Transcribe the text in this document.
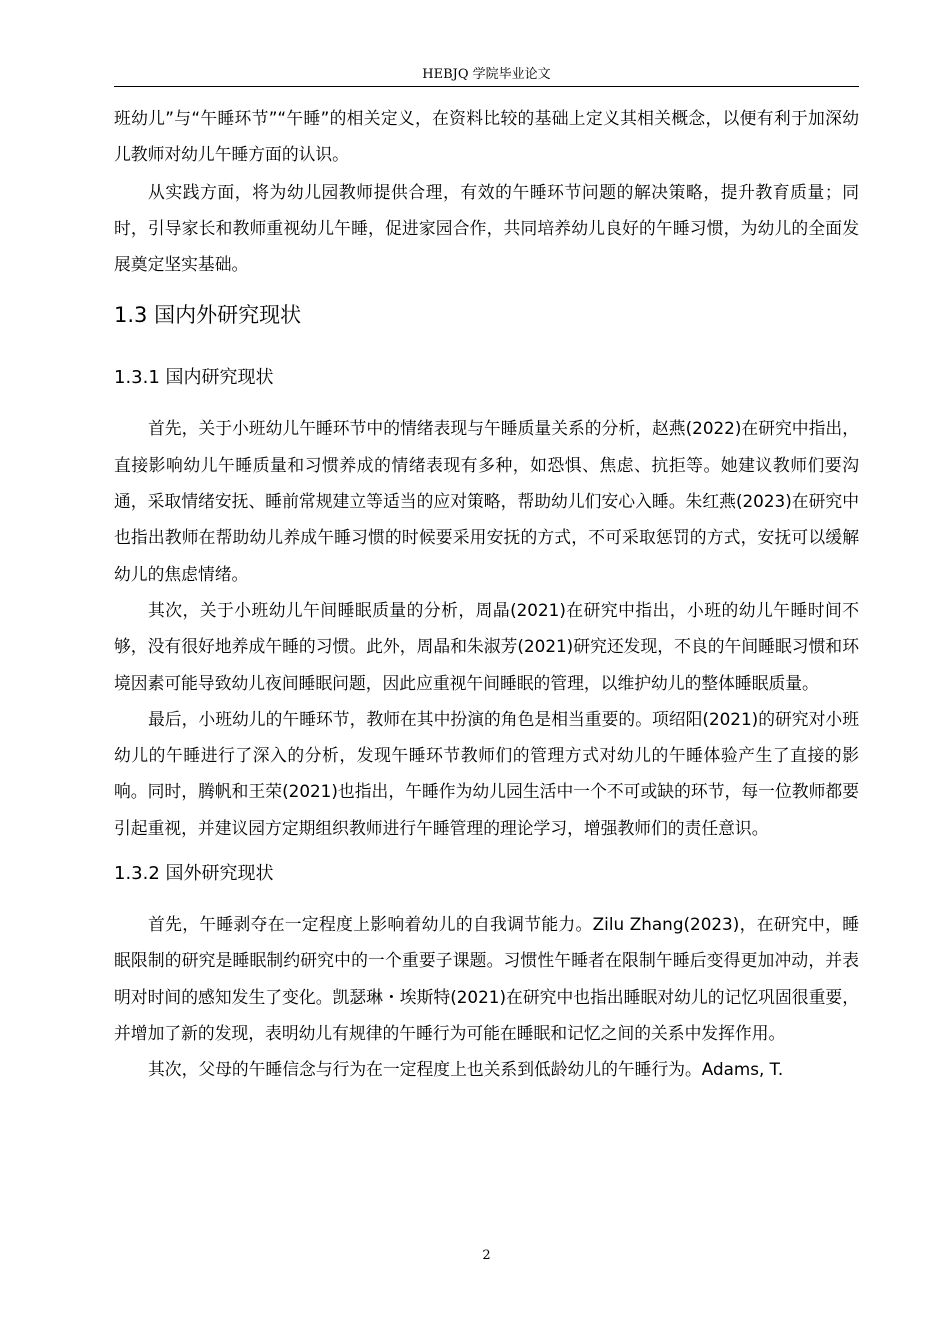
HEBJQ 学院毕业论文

班幼儿”与“午睡环节”“午睡”的相关定义，在资料比较的基础上定义其相关概念，以便有利于加深幼儿教师对幼儿午睡方面的认识。

从实践方面，将为幼儿园教师提供合理，有效的午睡环节问题的解决策略，提升教育质量；同时，引导家长和教师重视幼儿午睡，促进家园合作，共同培养幼儿良好的午睡习惯，为幼儿的全面发展奠定坚实基础。

1.3 国内外研究现状
1.3.1 国内研究现状

首先，关于小班幼儿午睡环节中的情绪表现与午睡质量关系的分析，赵燕(2022)在研究中指出，直接影响幼儿午睡质量和习惯养成的情绪表现有多种，如恐惧、焦虑、抗拒等。她建议教师们要沟通，采取情绪安抚、睡前常规建立等适当的应对策略，帮助幼儿们安心入睡。朱红燕(2023)在研究中也指出教师在帮助幼儿养成午睡习惯的时候要采用安抚的方式，不可采取惩罚的方式，安抚可以缓解幼儿的焦虑情绪。

其次，关于小班幼儿午间睡眠质量的分析，周晶(2021)在研究中指出，小班的幼儿午睡时间不够，没有很好地养成午睡的习惯。此外，周晶和朱淑芳(2021)研究还发现，不良的午间睡眠习惯和环境因素可能导致幼儿夜间睡眠问题，因此应重视午间睡眠的管理，以维护幼儿的整体睡眠质量。

最后，小班幼儿的午睡环节，教师在其中扮演的角色是相当重要的。项绍阳(2021)的研究对小班幼儿的午睡进行了深入的分析，发现午睡环节教师们的管理方式对幼儿的午睡体验产生了直接的影响。同时，腾帆和王荣(2021)也指出，午睡作为幼儿园生活中一个不可或缺的环节，每一位教师都要引起重视，并建议园方定期组织教师进行午睡管理的理论学习，增强教师们的责任意识。

1.3.2 国外研究现状

首先，午睡剥夺在一定程度上影响着幼儿的自我调节能力。Zilu Zhang(2023)，在研究中，睡眠限制的研究是睡眠制约研究中的一个重要子课题。习惯性午睡者在限制午睡后变得更加冲动，并表明对时间的感知发生了变化。凯瑟琳・埃斯特(2021)在研究中也指出睡眠对幼儿的记忆巩固很重要，并增加了新的发现，表明幼儿有规律的午睡行为可能在睡眠和记忆之间的关系中发挥作用。

其次，父母的午睡信念与行为在一定程度上也关系到低龄幼儿的午睡行为。Adams, T.

2
